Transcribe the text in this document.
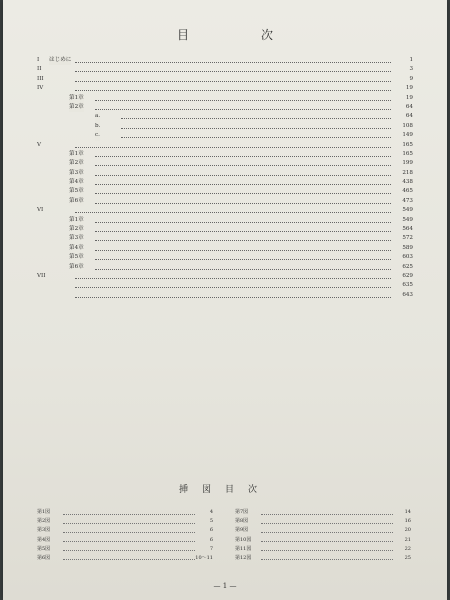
目　次
I はじめに	1
II	3
III	9
IV	19
第1章	19
第2章	64
a.	64
b.	108
c.	149
V	165
第1章	165
第2章	199
第3章	218
第4章	438
第5章	465
第6章	473
VI	549
第1章	549
第2章	564
第3章	572
第4章	589
第5章	603
第6章	625
VII	629
635
643
挿図目次
第1図	4
第2図	5
第3図	6
第4図	6
第5図	7
第6図	10〜11
第7図	14
第8図	16
第9図	20
第10図	21
第11図	22
第12図	25
— 1 —
